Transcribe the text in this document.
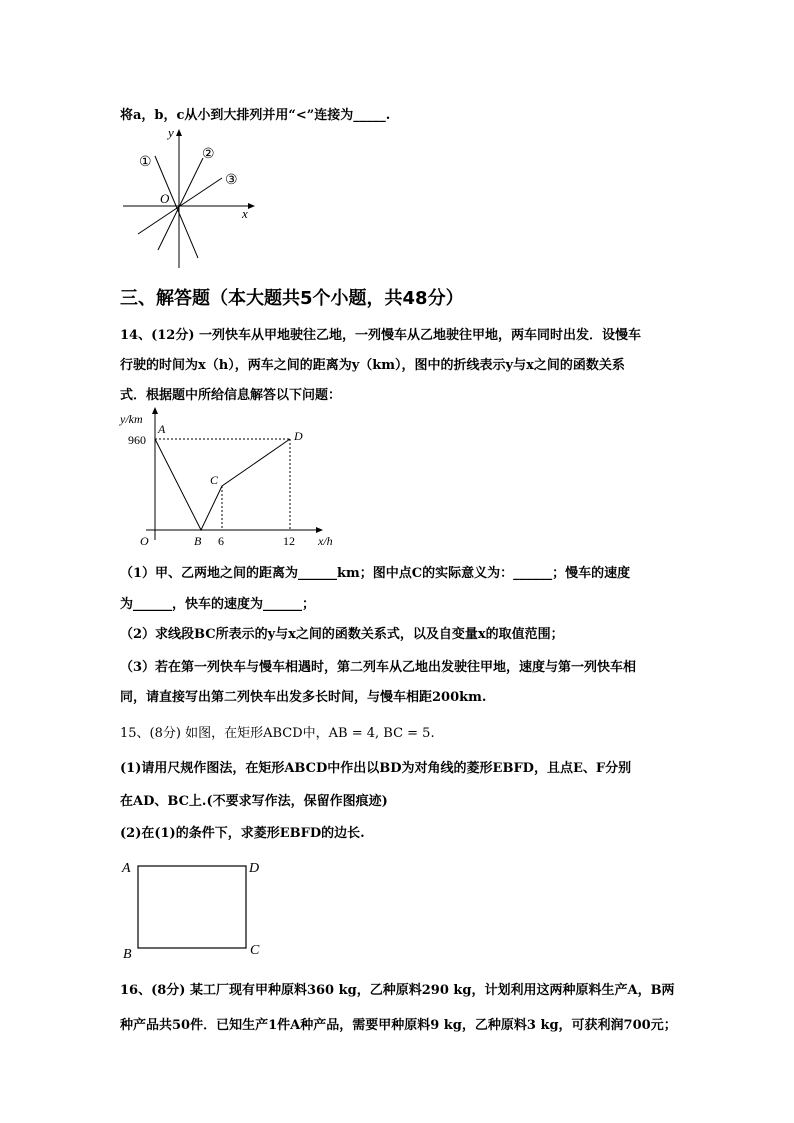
将a，b，c从小到大排列并用“<”连接为_____.
y
x
O
①
②
③
三、解答题（本大题共5个小题，共48分）
14、(12分) 一列快车从甲地驶往乙地，一列慢车从乙地驶往甲地，两车同时出发．设慢车
行驶的时间为x（h），两车之间的距离为y（km），图中的折线表示y与x之间的函数关系
式．根据题中所给信息解答以下问题：
y/km
x/h
O
960
6	12
A
B
C
D
（1）甲、乙两地之间的距离为______km；图中点C的实际意义为：______；慢车的速度
为______，快车的速度为______；
（2）求线段BC所表示的y与x之间的函数关系式，以及自变量x的取值范围；
（3）若在第一列快车与慢车相遇时，第二列车从乙地出发驶往甲地，速度与第一列快车相
同，请直接写出第二列快车出发多长时间，与慢车相距200km.
15、(8分) 如图，在矩形ABCD中，AB = 4, BC = 5.
(1)请用尺规作图法，在矩形ABCD中作出以BD为对角线的菱形EBFD，且点E、F分别
在AD、BC上.(不要求写作法，保留作图痕迹)
(2)在(1)的条件下，求菱形EBFD的边长.
A	D
B	C
16、(8分) 某工厂现有甲种原料360 kg，乙种原料290 kg，计划利用这两种原料生产A，B两
种产品共50件．已知生产1件A种产品，需要甲种原料9 kg，乙种原料3 kg，可获利润700元；
